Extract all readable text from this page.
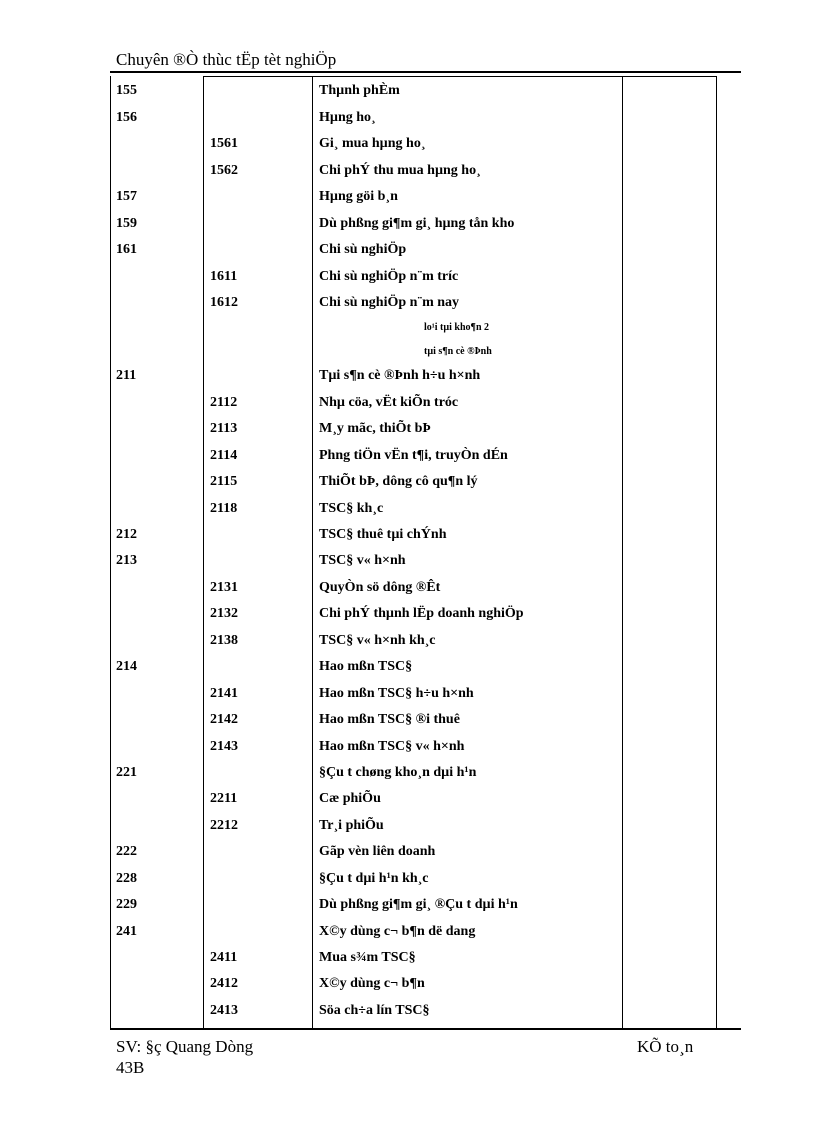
Chuyên ®Ò thùc tËp tèt nghiÖp
155	Thµnh phÈm
156	Hµng ho¸
1561	Gi¸ mua hµng ho¸
1562	Chi phÝ thu mua hµng ho¸
157	Hµng göi b¸n
159	Dù phßng gi¶m gi¸ hµng tån kho
161	Chi sù nghiÖp
1611	Chi sù nghiÖp n¨m tríc
1612	Chi sù nghiÖp n¨m nay
lo¹i tµi kho¶n 2
tµi s¶n cè ®Þnh
211	Tµi s¶n cè ®Þnh h÷u h×nh
2112	Nhµ cöa, vËt kiÕn tróc
2113	M¸y mãc, thiÕt bÞ
2114	Phng tiÖn vËn t¶i, truyÒn dÉn
2115	ThiÕt bÞ, dông cô qu¶n lý
2118	TSC§ kh¸c
212	TSC§ thuê tµi chÝnh
213	TSC§ v« h×nh
2131	QuyÒn sö dông ®Êt
2132	Chi phÝ thµnh lËp doanh nghiÖp
2138	TSC§ v« h×nh kh¸c
214	Hao mßn TSC§
2141	Hao mßn TSC§ h÷u h×nh
2142	Hao mßn TSC§ ®i thuê
2143	Hao mßn TSC§ v« h×nh
221	§Çu t chøng kho¸n dµi h¹n
2211	Cæ phiÕu
2212	Tr¸i phiÕu
222	Gãp vèn liên doanh
228	§Çu t dµi h¹n kh¸c
229	Dù phßng gi¶m gi¸ ®Çu t dµi h¹n
241	X©y dùng c¬ b¶n dë dang
2411	Mua s¾m TSC§
2412	X©y dùng c¬ b¶n
2413	Söa ch÷a lín TSC§
SV: §ç Quang Dòng
43B
KÕ to¸n
